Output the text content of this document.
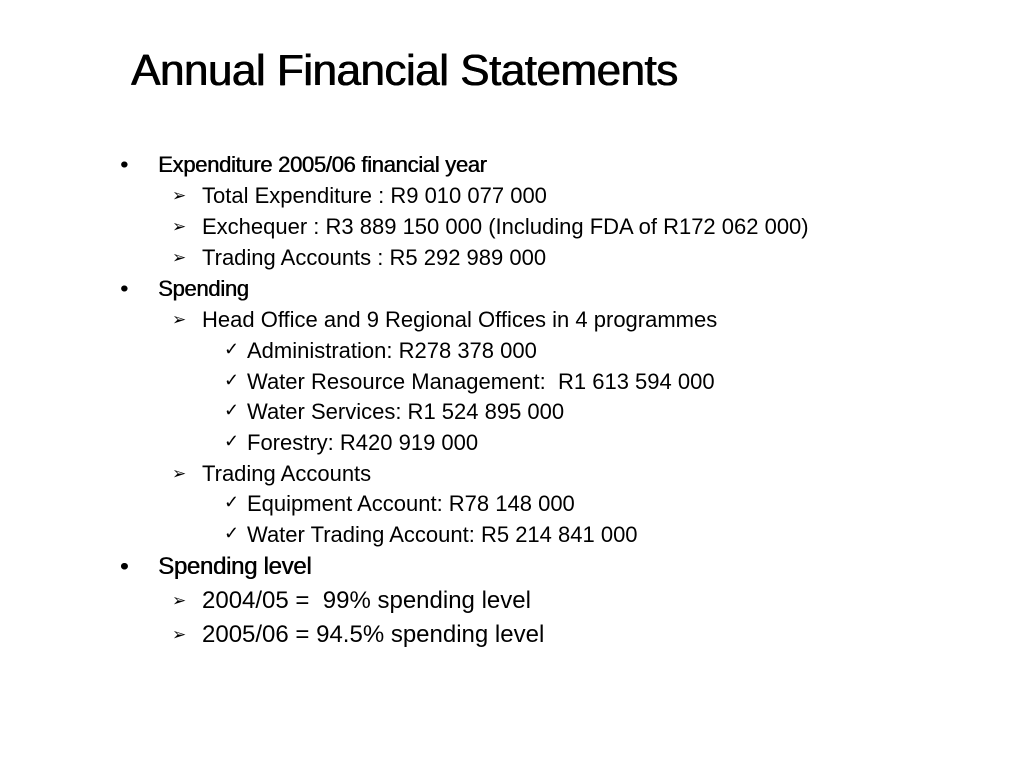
Annual Financial Statements
• Expenditure 2005/06 financial year
➢ Total Expenditure : R9 010 077 000
➢ Exchequer : R3 889 150 000 (Including FDA of R172 062 000)
➢ Trading Accounts : R5 292 989 000
• Spending
➢ Head Office and 9 Regional Offices in 4 programmes
✓ Administration: R278 378 000
✓ Water Resource Management:  R1 613 594 000
✓ Water Services: R1 524 895 000
✓ Forestry: R420 919 000
➢ Trading Accounts
✓ Equipment Account: R78 148 000
✓ Water Trading Account: R5 214 841 000
• Spending level
➢ 2004/05 =  99% spending level
➢ 2005/06 = 94.5% spending level
